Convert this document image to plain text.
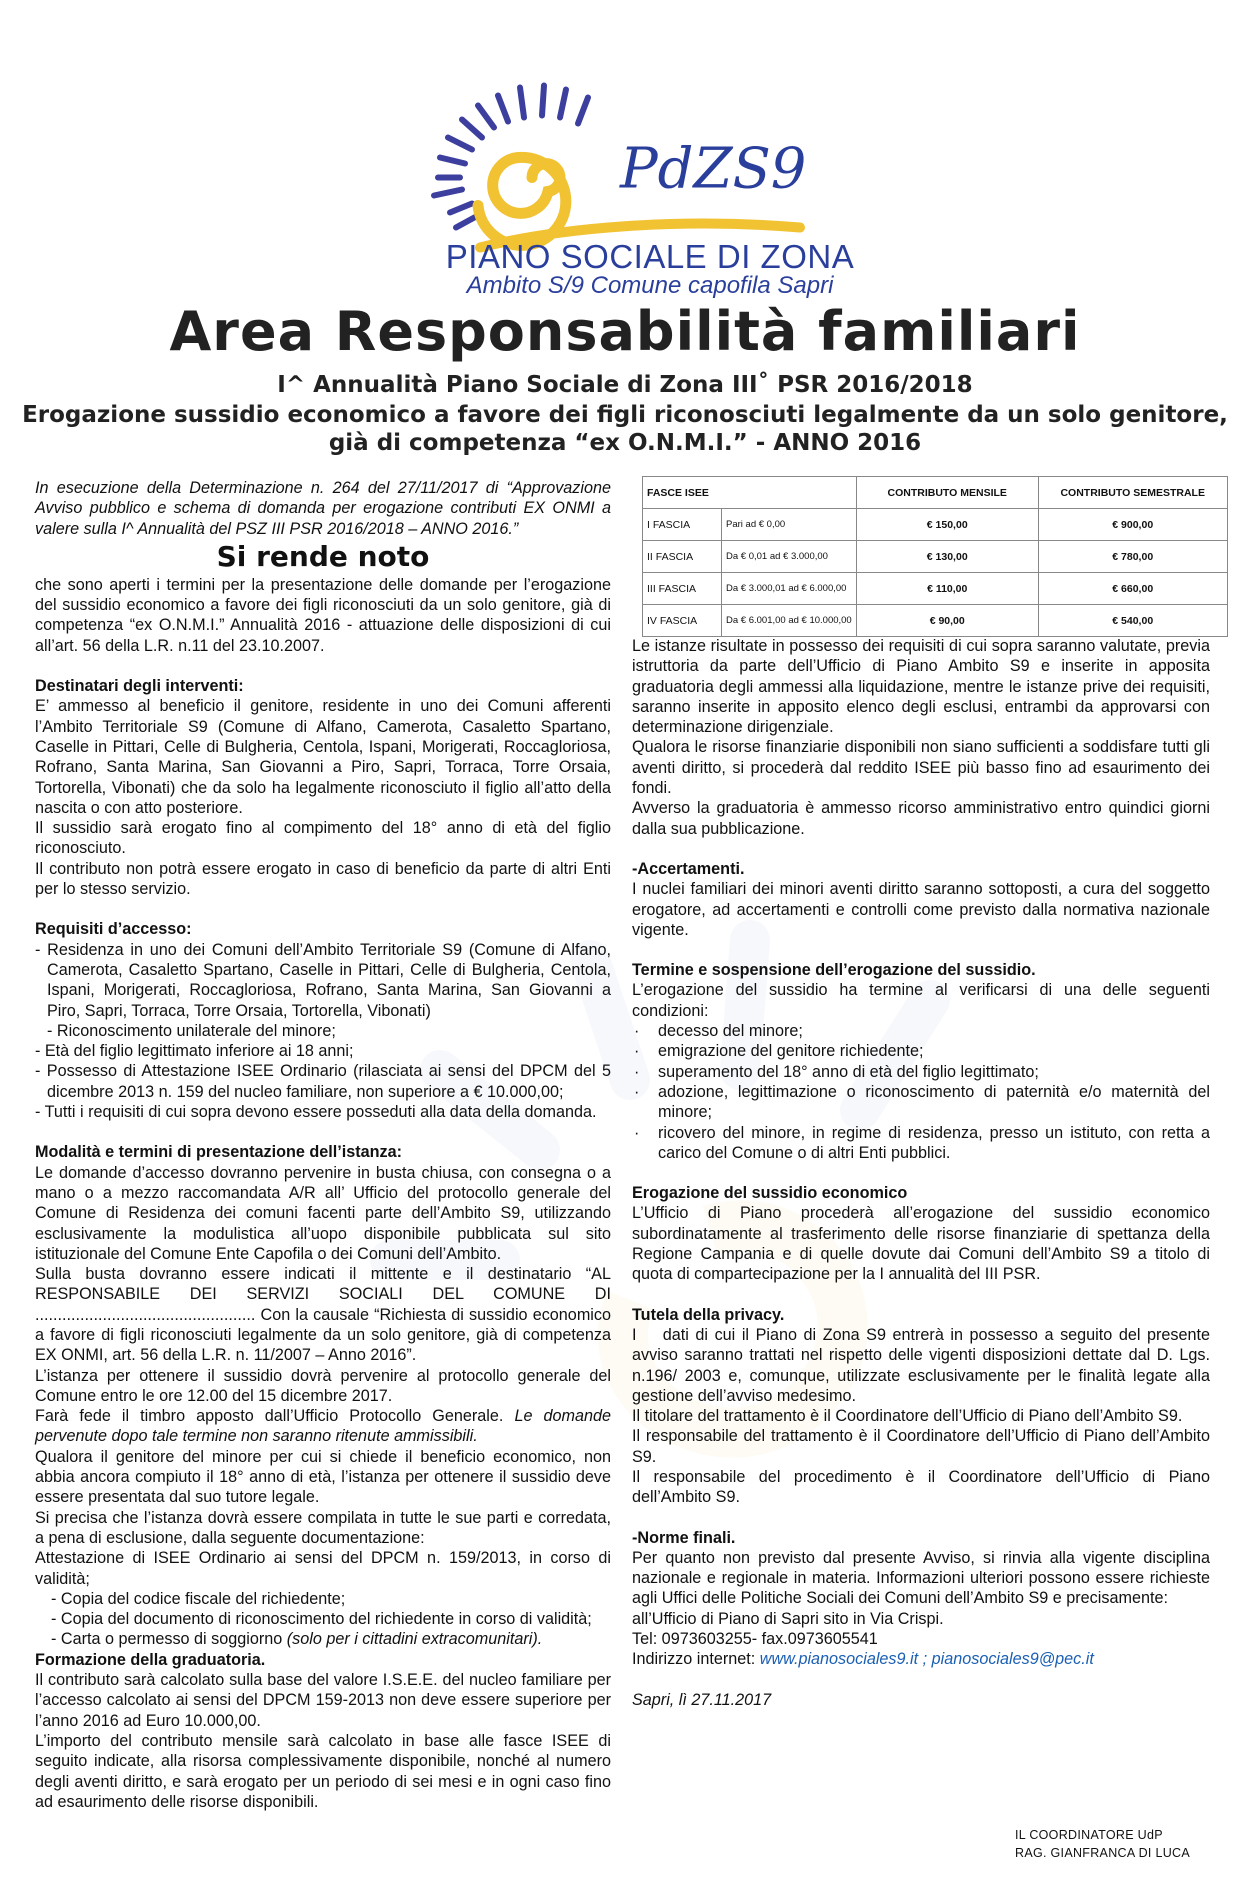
PdZS9
PIANO SOCIALE DI ZONA
Ambito S/9 Comune capofila Sapri
Area Responsabilità familiari
I^ Annualità Piano Sociale di Zona III˚ PSR 2016/2018
Erogazione sussidio economico a favore dei figli riconosciuti legalmente da un solo genitore,
già di competenza “ex O.N.M.I.” - ANNO 2016

In esecuzione della Determinazione n. 264 del 27/11/2017 di “Approvazione Avviso pubblico e schema di domanda per erogazione contributi EX ONMI a valere sulla I^ Annualità del PSZ III PSR 2016/2018 – ANNO 2016.”

Si rende noto

che sono aperti i termini per la presentazione delle domande per l’erogazione del sussidio economico a favore dei figli riconosciuti da un solo genitore, già di competenza “ex O.N.M.I.” Annualità 2016 - attuazione delle disposizioni di cui all’art. 56 della L.R. n.11 del 23.10.2007.

Destinatari degli interventi:

E’ ammesso al beneficio il genitore, residente in uno dei Comuni afferenti l’Ambito Territoriale S9 (Comune di Alfano, Camerota, Casaletto Spartano, Caselle in Pittari, Celle di Bulgheria, Centola, Ispani, Morigerati, Roccagloriosa, Rofrano, Santa Marina, San Giovanni a Piro, Sapri, Torraca, Torre Orsaia, Tortorella, Vibonati) che da solo ha legalmente riconosciuto il figlio all’atto della nascita o con atto posteriore.

Il sussidio sarà erogato fino al compimento del 18° anno di età del figlio riconosciuto.

Il contributo non potrà essere erogato in caso di beneficio da parte di altri Enti per lo stesso servizio.

Requisiti d’accesso:

- Residenza in uno dei Comuni dell’Ambito Territoriale S9 (Comune di Alfano, Camerota, Casaletto Spartano, Caselle in Pittari, Celle di Bulgheria, Centola, Ispani, Morigerati, Roccagloriosa, Rofrano, Santa Marina, San Giovanni a Piro, Sapri, Torraca, Torre Orsaia, Tortorella, Vibonati)

- Riconoscimento unilaterale del minore;

- Età del figlio legittimato inferiore ai 18 anni;

- Possesso di Attestazione ISEE Ordinario (rilasciata ai sensi del DPCM del 5 dicembre 2013 n. 159 del nucleo familiare, non superiore a € 10.000,00;

- Tutti i requisiti di cui sopra devono essere posseduti alla data della domanda.

Modalità e termini di presentazione dell’istanza:

Le domande d’accesso dovranno pervenire in busta chiusa, con consegna o a mano o a mezzo raccomandata A/R all’ Ufficio del protocollo generale del Comune di Residenza dei comuni facenti parte dell’Ambito S9, utilizzando esclusivamente la modulistica all’uopo disponibile pubblicata sul sito istituzionale del Comune Ente Capofila o dei Comuni dell’Ambito.

Sulla busta dovranno essere indicati il mittente e il destinatario “AL RESPONSABILE DEI SERVIZI SOCIALI DEL COMUNE DI ................................................. Con la causale “Richiesta di sussidio economico a favore di figli riconosciuti legalmente da un solo genitore, già di competenza EX ONMI, art. 56 della L.R. n. 11/2007 – Anno 2016”.

L’istanza per ottenere il sussidio dovrà pervenire al protocollo generale del Comune entro le ore 12.00 del 15 dicembre 2017.

Farà fede il timbro apposto dall’Ufficio Protocollo Generale. Le domande pervenute dopo tale termine non saranno ritenute ammissibili.

Qualora il genitore del minore per cui si chiede il beneficio economico, non abbia ancora compiuto il 18° anno di età, l’istanza per ottenere il sussidio deve essere presentata dal suo tutore legale.

Si precisa che l’istanza dovrà essere compilata in tutte le sue parti e corredata, a pena di esclusione, dalla seguente documentazione:

Attestazione di ISEE Ordinario ai sensi del DPCM n. 159/2013, in corso di validità;

- Copia del codice fiscale del richiedente;

- Copia del documento di riconoscimento del richiedente in corso di validità;

- Carta o permesso di soggiorno (solo per i cittadini extracomunitari).

Formazione della graduatoria.

Il contributo sarà calcolato sulla base del valore I.S.E.E. del nucleo familiare per l’accesso calcolato ai sensi del DPCM 159-2013 non deve essere superiore per l’anno 2016 ad Euro 10.000,00.

L’importo del contributo mensile sarà calcolato in base alle fasce ISEE di seguito indicate, alla risorsa complessivamente disponibile, nonché al numero degli aventi diritto, e sarà erogato per un periodo di sei mesi e in ogni caso fino ad esaurimento delle risorse disponibili.

FASCE ISEE		CONTRIBUTO MENSILE	CONTRIBUTO SEMESTRALE
I FASCIA	Pari ad € 0,00	€ 150,00	€ 900,00
II FASCIA	Da € 0,01 ad € 3.000,00	€ 130,00	€ 780,00
III FASCIA	Da € 3.000,01 ad € 6.000,00	€ 110,00	€ 660,00
IV FASCIA	Da € 6.001,00 ad € 10.000,00	€ 90,00	€ 540,00

Le istanze risultate in possesso dei requisiti di cui sopra saranno valutate, previa istruttoria da parte dell’Ufficio di Piano Ambito S9 e inserite in apposita graduatoria degli ammessi alla liquidazione, mentre le istanze prive dei requisiti, saranno inserite in apposito elenco degli esclusi, entrambi da approvarsi con determinazione dirigenziale.

Qualora le risorse finanziarie disponibili non siano sufficienti a soddisfare tutti gli aventi diritto, si procederà dal reddito ISEE più basso fino ad esaurimento dei fondi.

Avverso la graduatoria è ammesso ricorso amministrativo entro quindici giorni dalla sua pubblicazione.

-Accertamenti.

I nuclei familiari dei minori aventi diritto saranno sottoposti, a cura del soggetto erogatore, ad accertamenti e controlli come previsto dalla normativa nazionale vigente.

Termine e sospensione dell’erogazione del sussidio.

L’erogazione del sussidio ha termine al verificarsi di una delle seguenti condizioni:

· decesso del minore;

· emigrazione del genitore richiedente;

· superamento del 18° anno di età del figlio legittimato;

· adozione, legittimazione o riconoscimento di paternità e/o maternità del minore;

· ricovero del minore, in regime di residenza, presso un istituto, con retta a carico del Comune o di altri Enti pubblici.

Erogazione del sussidio economico

L’Ufficio di Piano procederà all’erogazione del sussidio economico subordinatamente al trasferimento delle risorse finanziarie di spettanza della Regione Campania e di quelle dovute dai Comuni dell’Ambito S9 a titolo di quota di compartecipazione per la I annualità del III PSR.

Tutela della privacy.

I    dati di cui il Piano di Zona S9 entrerà in possesso a seguito del presente avviso saranno trattati nel rispetto delle vigenti disposizioni dettate dal D. Lgs. n.196/ 2003 e, comunque, utilizzate esclusivamente per le finalità legate alla gestione dell’avviso medesimo.

Il titolare del trattamento è il Coordinatore dell’Ufficio di Piano dell’Ambito S9.

Il responsabile del trattamento è il Coordinatore dell’Ufficio di Piano dell’Ambito S9.

Il responsabile del procedimento è il Coordinatore dell’Ufficio di Piano dell’Ambito S9.

-Norme finali.

Per quanto non previsto dal presente Avviso, si rinvia alla vigente disciplina nazionale e regionale in materia. Informazioni ulteriori possono essere richieste agli Uffici delle Politiche Sociali dei Comuni dell’Ambito S9 e precisamente:

all’Ufficio di Piano di Sapri sito in Via Crispi.

Tel: 0973603255- fax.0973605541

Indirizzo internet: www.pianosociales9.it ; pianosociales9@pec.it

Sapri, lì 27.11.2017

IL COORDINATORE UdP
RAG. GIANFRANCA DI LUCA
